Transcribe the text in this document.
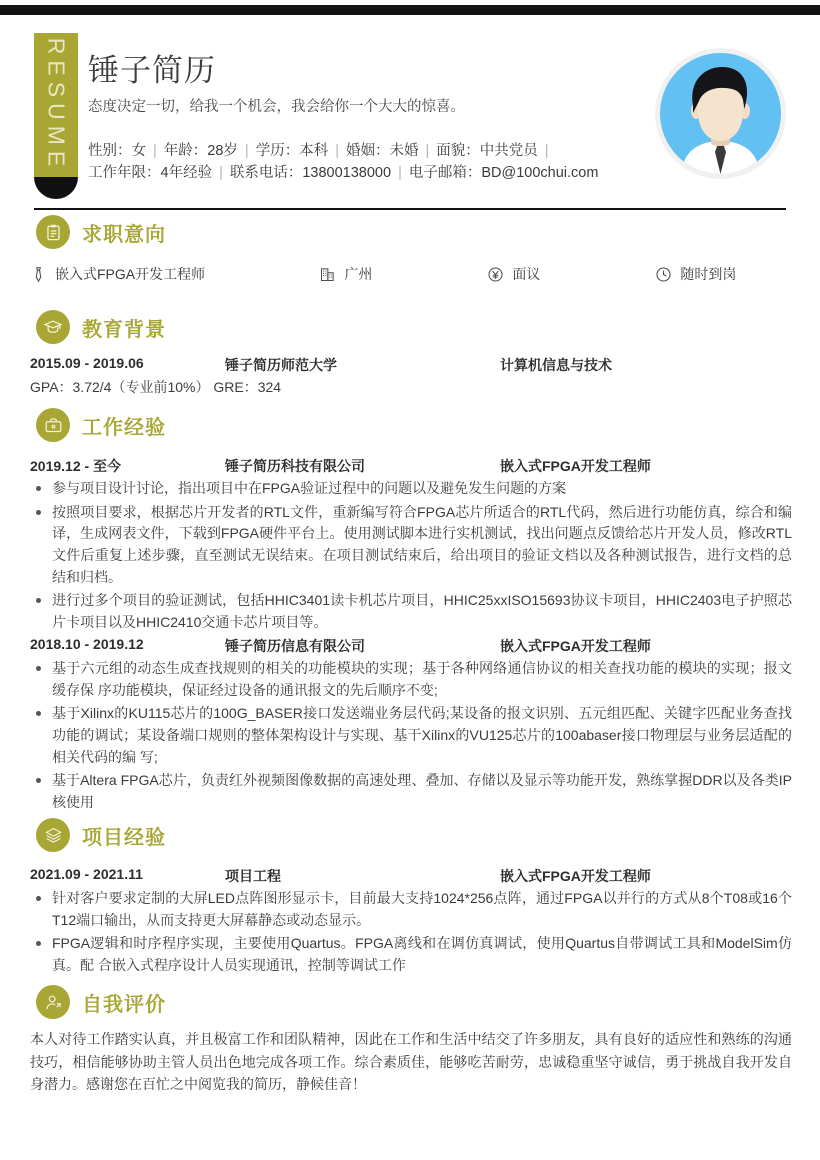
RESUME 锤子简历
态度决定一切，给我一个机会，我会给你一个大大的惊喜。
性别：女 | 年龄：28岁 | 学历：本科 | 婚姻：未婚 | 面貌：中共党员 |
工作年限：4年经验 | 联系电话：13800138000 | 电子邮箱：BD@100chui.com
求职意向
嵌入式FPGA开发工程师	广州	面议	随时到岗
教育背景
2015.09 - 2019.06	锤子简历师范大学	计算机信息与技术
GPA：3.72/4（专业前10%） GRE：324
工作经验
2019.12 - 至今	锤子简历科技有限公司	嵌入式FPGA开发工程师
参与项目设计讨论，指出项目中在FPGA验证过程中的问题以及避免发生问题的方案
按照项目要求，根据芯片开发者的RTL文件，重新编写符合FPGA芯片所适合的RTL代码，然后进行功能仿真，综合和编译，生成网表文件，下载到FPGA硬件平台上。使用测试脚本进行实机测试，找出问题点反馈给芯片开发人员，修改RTL文件后重复上述步骤，直至测试无误结束。在项目测试结束后，给出项目的验证文档以及各种测试报告，进行文档的总结和归档。
进行过多个项目的验证测试，包括HHIC3401读卡机芯片项目，HHIC25xxISO15693协议卡项目，HHIC2403电子护照芯片卡项目以及HHIC2410交通卡芯片项目等。
2018.10 - 2019.12	锤子简历信息有限公司	嵌入式FPGA开发工程师
基于六元组的动态生成查找规则的相关的功能模块的实现；基于各种网络通信协议的相关查找功能的模块的实现；报文缓存保 序功能模块，保证经过设备的通讯报文的先后顺序不变;
基于Xilinx的KU115芯片的100G_BASER接口发送端业务层代码;某设备的报文识别、五元组匹配、关键字匹配业务查找功能的调试；某设备端口规则的整体架构设计与实现、基干Xilinx的VU125芯片的100abaser接口物理层与业务层适配的相关代码的编 写;
基于Altera FPGA芯片，负责红外视频图像数据的高速处理、叠加、存储以及显示等功能开发，熟练掌握DDR以及各类IP核使用
项目经验
2021.09 - 2021.11	项目工程	嵌入式FPGA开发工程师
针对客户要求定制的大屏LED点阵图形显示卡，目前最大支持1024*256点阵，通过FPGA以并行的方式从8个T08或16个T12端口输出，从而支持更大屏幕静态或动态显示。
FPGA逻辑和时序程序实现，主要使用Quartus。FPGA离线和在调仿真调试，使用Quartus自带调试工具和ModelSim仿真。配 合嵌入式程序设计人员实现通讯，控制等调试工作
自我评价
本人对待工作踏实认真，并且极富工作和团队精神，因此在工作和生活中结交了许多朋友，具有良好的适应性和熟练的沟通技巧，相信能够协助主管人员出色地完成各项工作。综合素质佳，能够吃苦耐劳，忠诚稳重坚守诚信，勇于挑战自我开发自身潜力。感谢您在百忙之中阅览我的简历，静候佳音！
